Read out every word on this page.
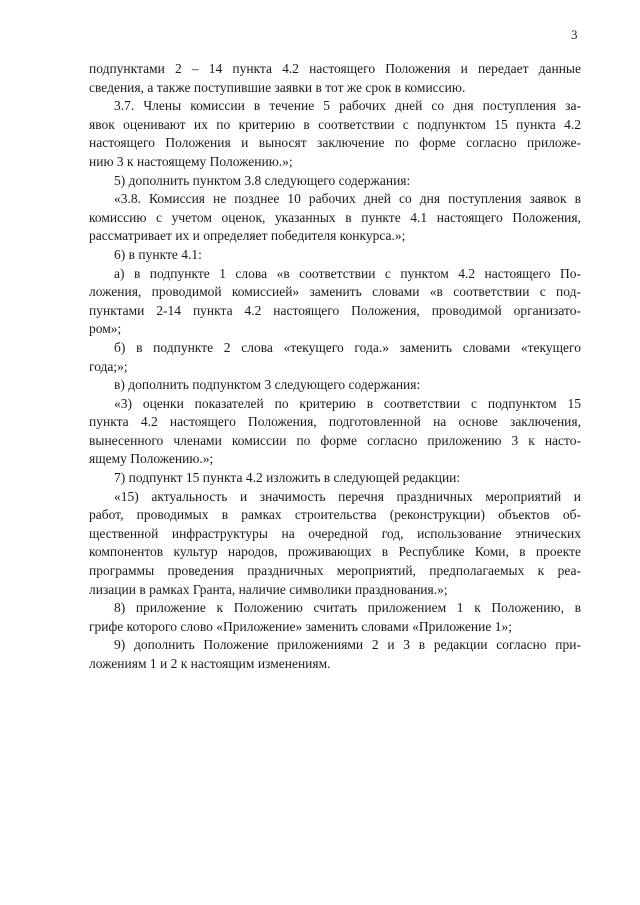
3
подпунктами 2 – 14 пункта 4.2 настоящего Положения и передает данные
сведения, а также поступившие заявки в тот же срок в комиссию.
3.7. Члены комиссии в течение 5 рабочих дней со дня поступления за-
явок оценивают их по критерию в соответствии с подпунктом 15 пункта 4.2
настоящего Положения и выносят заключение по форме согласно приложе-
нию 3 к настоящему Положению.»;
5) дополнить пунктом 3.8 следующего содержания:
«3.8. Комиссия не позднее 10 рабочих дней со дня поступления заявок в
комиссию с учетом оценок, указанных в пункте 4.1 настоящего Положения,
рассматривает их и определяет победителя конкурса.»;
6) в пункте 4.1:
а) в подпункте 1 слова «в соответствии с пунктом 4.2 настоящего По-
ложения, проводимой комиссией» заменить словами «в соответствии с под-
пунктами 2-14 пункта 4.2 настоящего Положения, проводимой организато-
ром»;
б) в подпункте 2 слова «текущего года.» заменить словами «текущего
года;»;
в) дополнить подпунктом 3 следующего содержания:
«3) оценки показателей по критерию в соответствии с подпунктом 15
пункта 4.2 настоящего Положения, подготовленной на основе заключения,
вынесенного членами комиссии по форме согласно приложению 3 к насто-
ящему Положению.»;
7) подпункт 15 пункта 4.2 изложить в следующей редакции:
«15) актуальность и значимость перечня праздничных мероприятий и
работ, проводимых в рамках строительства (реконструкции) объектов об-
щественной инфраструктуры на очередной год, использование этнических
компонентов культур народов, проживающих в Республике Коми, в проекте
программы проведения праздничных мероприятий, предполагаемых к реа-
лизации в рамках Гранта, наличие символики празднования.»;
8) приложение к Положению считать приложением 1 к Положению, в
грифе которого слово «Приложение» заменить словами «Приложение 1»;
9) дополнить Положение приложениями 2 и 3 в редакции согласно при-
ложениям 1 и 2 к настоящим изменениям.
